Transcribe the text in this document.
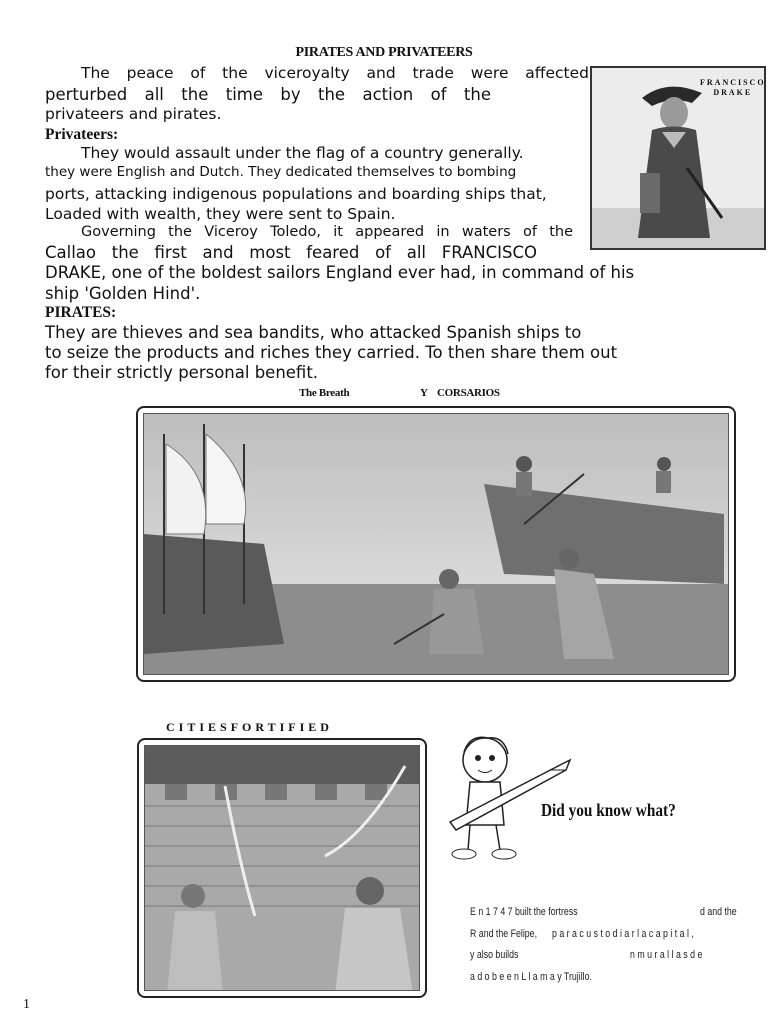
PIRATES AND PRIVATEERS
The peace of the viceroyalty and trade were affected
perturbed all the time by the action of the
privateers and pirates.
Privateers:
They would assault under the flag of a country generally.
they were English and Dutch. They dedicated themselves to bombing
ports, attacking indigenous populations and boarding ships that,
Loaded with wealth, they were sent to Spain.
Governing the Viceroy Toledo, it appeared in waters of the
Callao the first and most feared of all FRANCISCO
DRAKE, one of the boldest sailors England ever had, in command of his
ship 'Golden Hind'.
PIRATES:
They are thieves and sea bandits, who attacked Spanish ships to
to seize the products and riches they carried. To then share them out
for their strictly personal benefit.
FRANCISCO
DRAKE
The Breath	Y    CORSARIOS
CITIESFORTIFIED
Did you know what?
E n 1 7 4 7 built the fortress	d and the
R and the Felipe, p a r a c u s t o d i a r l a c a p i t a l ,
y also builds	n m u r a l l a s d e
a d o b e e n L l a m a y Trujillo.
1
